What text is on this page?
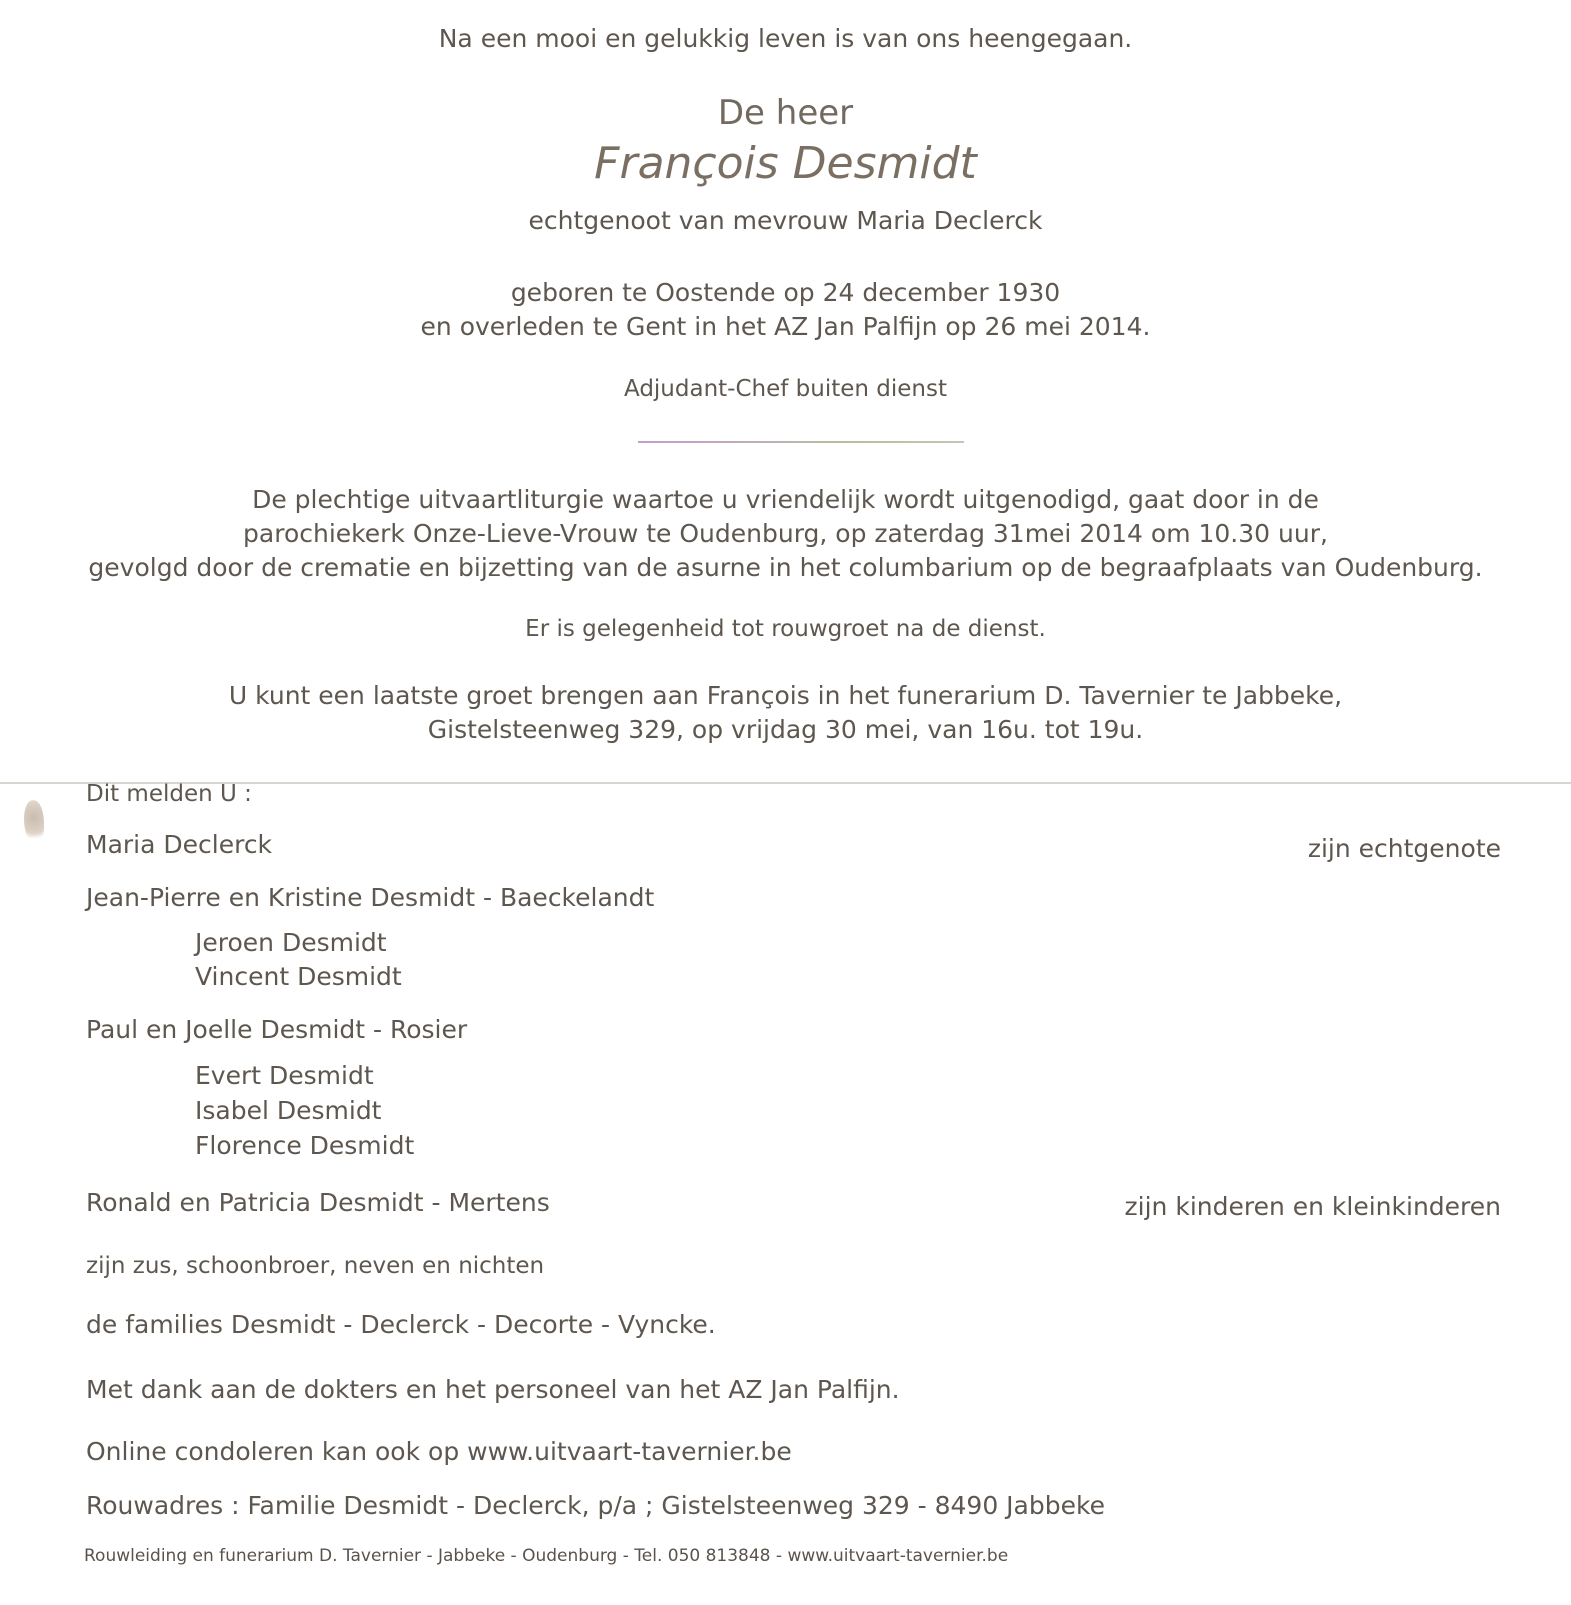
Na een mooi en gelukkig leven is van ons heengegaan.
De heer
François Desmidt
echtgenoot van mevrouw Maria Declerck
geboren te Oostende op 24 december 1930
en overleden te Gent in het AZ Jan Palfijn op 26 mei 2014.
Adjudant-Chef buiten dienst
De plechtige uitvaartliturgie waartoe u vriendelijk wordt uitgenodigd, gaat door in de
parochiekerk Onze-Lieve-Vrouw te Oudenburg, op zaterdag 31mei 2014 om 10.30 uur,
gevolgd door de crematie en bijzetting van de asurne in het columbarium op de begraafplaats van Oudenburg.
Er is gelegenheid tot rouwgroet na de dienst.
U kunt een laatste groet brengen aan François in het funerarium D. Tavernier te Jabbeke,
Gistelsteenweg 329, op vrijdag 30 mei, van 16u. tot 19u.
Dit melden U :
Maria Declerck	zijn echtgenote
Jean-Pierre en Kristine Desmidt - Baeckelandt
Jeroen Desmidt
Vincent Desmidt
Paul en Joelle Desmidt - Rosier
Evert Desmidt
Isabel Desmidt
Florence Desmidt
Ronald en Patricia Desmidt - Mertens	zijn kinderen en kleinkinderen
zijn zus, schoonbroer, neven en nichten
de families Desmidt - Declerck - Decorte - Vyncke.
Met dank aan de dokters en het personeel van het AZ Jan Palfijn.
Online condoleren kan ook op www.uitvaart-tavernier.be
Rouwadres : Familie Desmidt - Declerck, p/a ; Gistelsteenweg 329 - 8490 Jabbeke
Rouwleiding en funerarium D. Tavernier - Jabbeke - Oudenburg - Tel. 050 813848 - www.uitvaart-tavernier.be
